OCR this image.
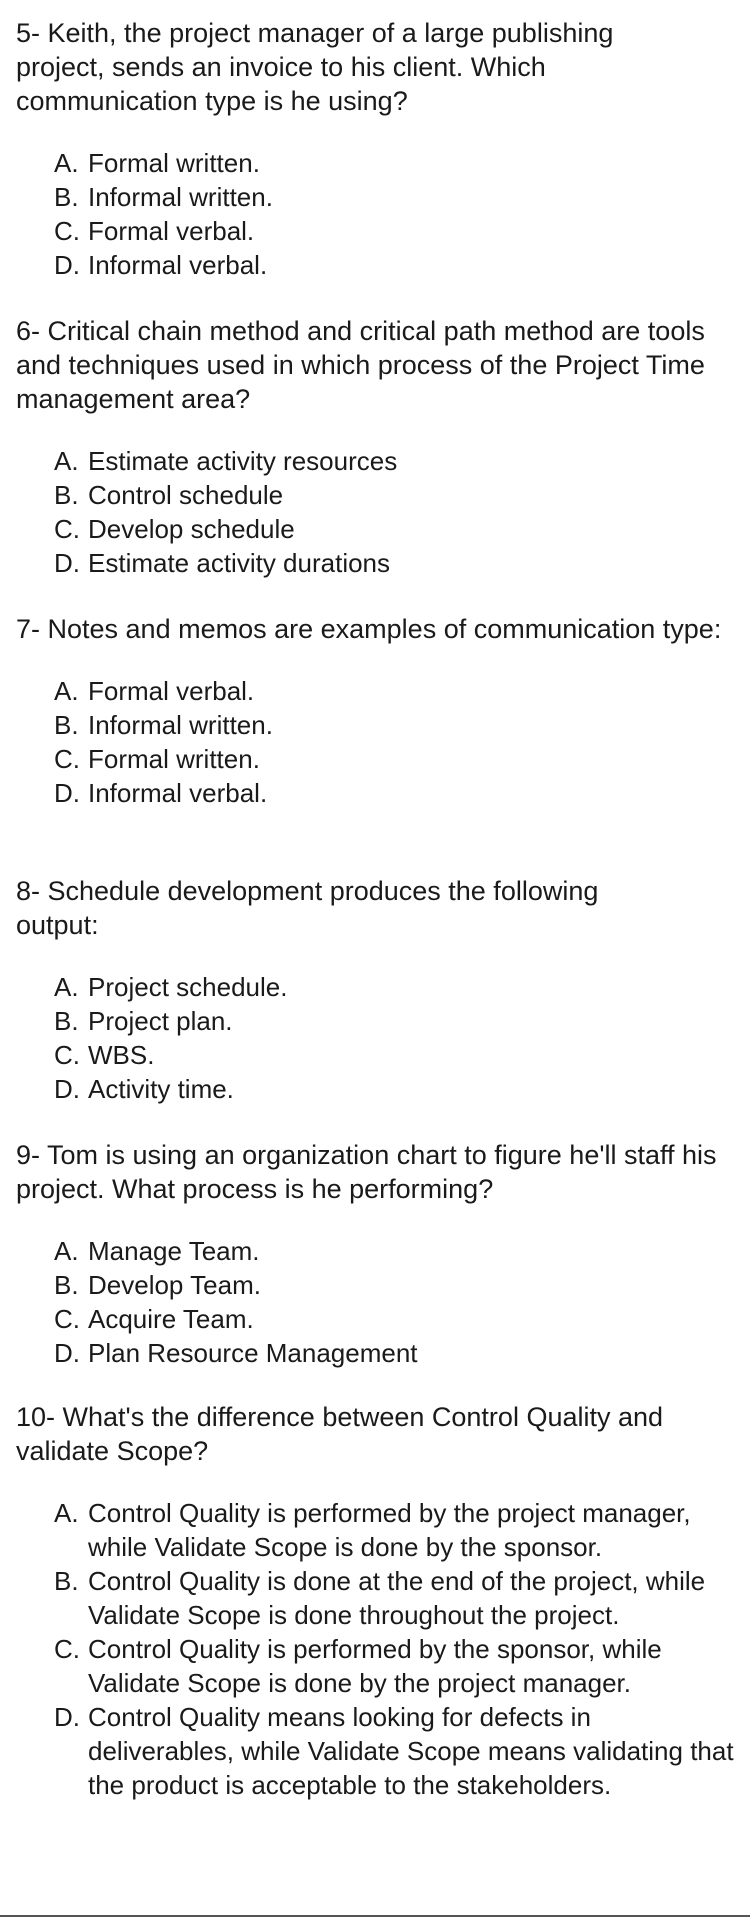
5- Keith, the project manager of a large publishing project, sends an invoice to his client. Which communication type is he using?

A. Formal written.
B. Informal written.
C. Formal verbal.
D. Informal verbal.

6- Critical chain method and critical path method are tools and techniques used in which process of the Project Time management area?

A. Estimate activity resources
B. Control schedule
C. Develop schedule
D. Estimate activity durations

7- Notes and memos are examples of communication type:

A. Formal verbal.
B. Informal written.
C. Formal written.
D. Informal verbal.

8- Schedule development produces the following output:

A. Project schedule.
B. Project plan.
C. WBS.
D. Activity time.

9- Tom is using an organization chart to figure he'll staff his project. What process is he performing?

A. Manage Team.
B. Develop Team.
C. Acquire Team.
D. Plan Resource Management

10- What's the difference between Control Quality and validate Scope?

A. Control Quality is performed by the project manager, while Validate Scope is done by the sponsor.
B. Control Quality is done at the end of the project, while Validate Scope is done throughout the project.
C. Control Quality is performed by the sponsor, while Validate Scope is done by the project manager.
D. Control Quality means looking for defects in deliverables, while Validate Scope means validating that the product is acceptable to the stakeholders.
